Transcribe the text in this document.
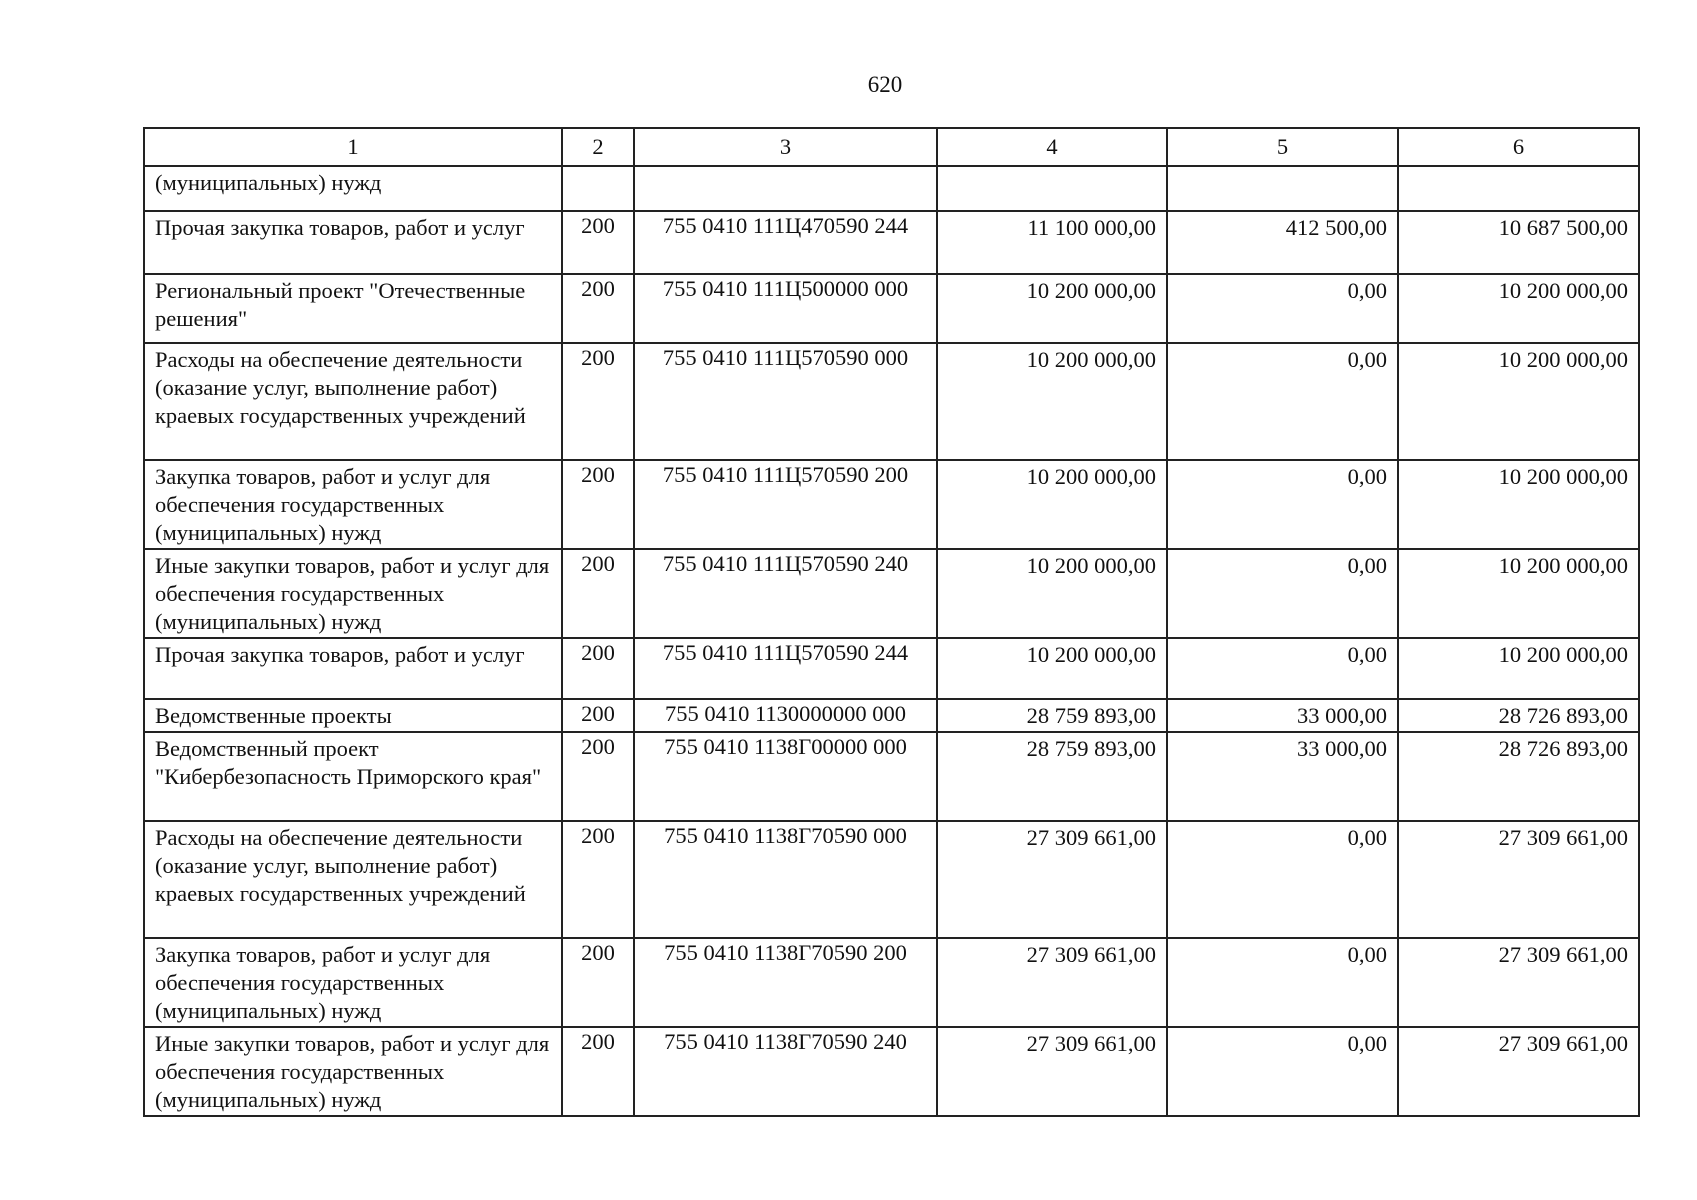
620
1	2	3	4	5	6
(муниципальных) нужд					
Прочая закупка товаров, работ и услуг	200	755 0410 111Ц470590 244	11 100 000,00	412 500,00	10 687 500,00
Региональный проект "Отечественные решения"	200	755 0410 111Ц500000 000	10 200 000,00	0,00	10 200 000,00
Расходы на обеспечение деятельности (оказание услуг, выполнение работ) краевых государственных учреждений	200	755 0410 111Ц570590 000	10 200 000,00	0,00	10 200 000,00
Закупка товаров, работ и услуг для обеспечения государственных (муниципальных) нужд	200	755 0410 111Ц570590 200	10 200 000,00	0,00	10 200 000,00
Иные закупки товаров, работ и услуг для обеспечения государственных (муниципальных) нужд	200	755 0410 111Ц570590 240	10 200 000,00	0,00	10 200 000,00
Прочая закупка товаров, работ и услуг	200	755 0410 111Ц570590 244	10 200 000,00	0,00	10 200 000,00
Ведомственные проекты	200	755 0410 1130000000 000	28 759 893,00	33 000,00	28 726 893,00
Ведомственный проект "Кибербезопасность Приморского края"	200	755 0410 1138Г00000 000	28 759 893,00	33 000,00	28 726 893,00
Расходы на обеспечение деятельности (оказание услуг, выполнение работ) краевых государственных учреждений	200	755 0410 1138Г70590 000	27 309 661,00	0,00	27 309 661,00
Закупка товаров, работ и услуг для обеспечения государственных (муниципальных) нужд	200	755 0410 1138Г70590 200	27 309 661,00	0,00	27 309 661,00
Иные закупки товаров, работ и услуг для обеспечения государственных (муниципальных) нужд	200	755 0410 1138Г70590 240	27 309 661,00	0,00	27 309 661,00
